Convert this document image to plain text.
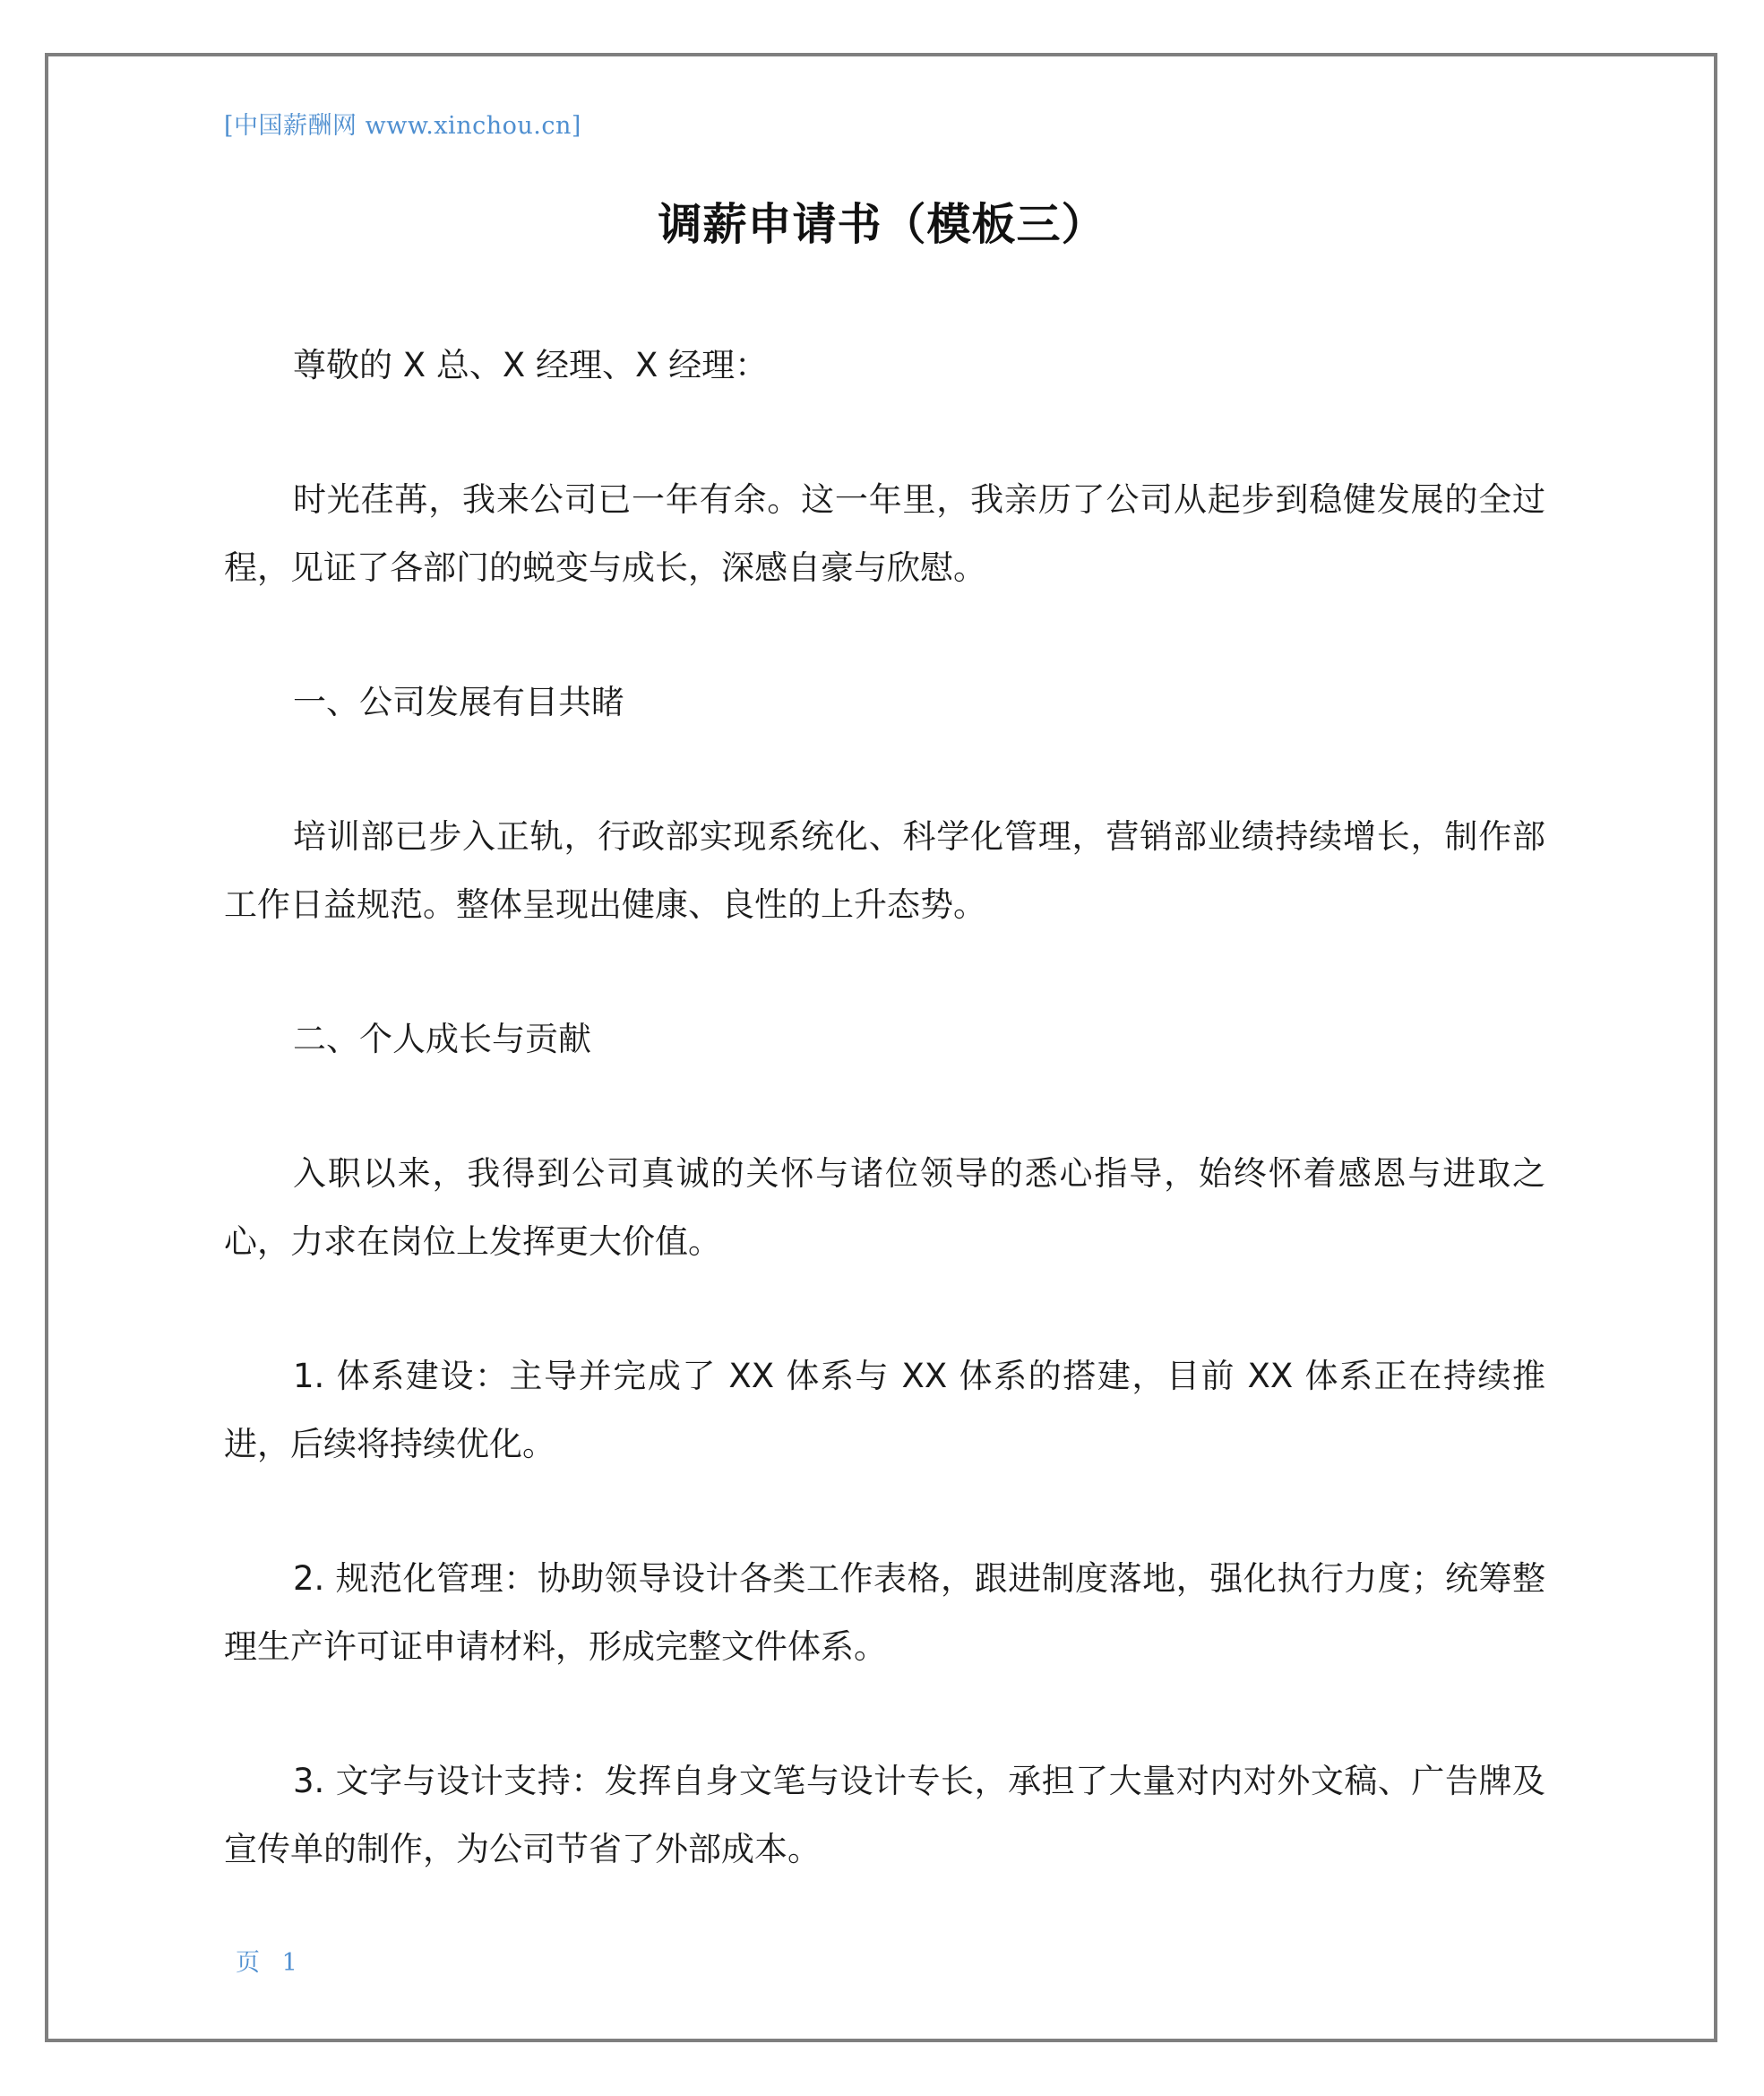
[中国薪酬网 www.xinchou.cn]
调薪申请书（模板三）

尊敬的 X 总、X 经理、X 经理：

时光荏苒，我来公司已一年有余。这一年里，我亲历了公司从起步到稳健发展的全过程，见证了各部门的蜕变与成长，深感自豪与欣慰。

一、公司发展有目共睹

培训部已步入正轨，行政部实现系统化、科学化管理，营销部业绩持续增长，制作部工作日益规范。整体呈现出健康、良性的上升态势。

二、个人成长与贡献

入职以来，我得到公司真诚的关怀与诸位领导的悉心指导，始终怀着感恩与进取之心，力求在岗位上发挥更大价值。

1. 体系建设：主导并完成了 XX 体系与 XX 体系的搭建，目前 XX 体系正在持续推进，后续将持续优化。

2. 规范化管理：协助领导设计各类工作表格，跟进制度落地，强化执行力度；统筹整理生产许可证申请材料，形成完整文件体系。

3. 文字与设计支持：发挥自身文笔与设计专长，承担了大量对内对外文稿、广告牌及宣传单的制作，为公司节省了外部成本。

页 1
